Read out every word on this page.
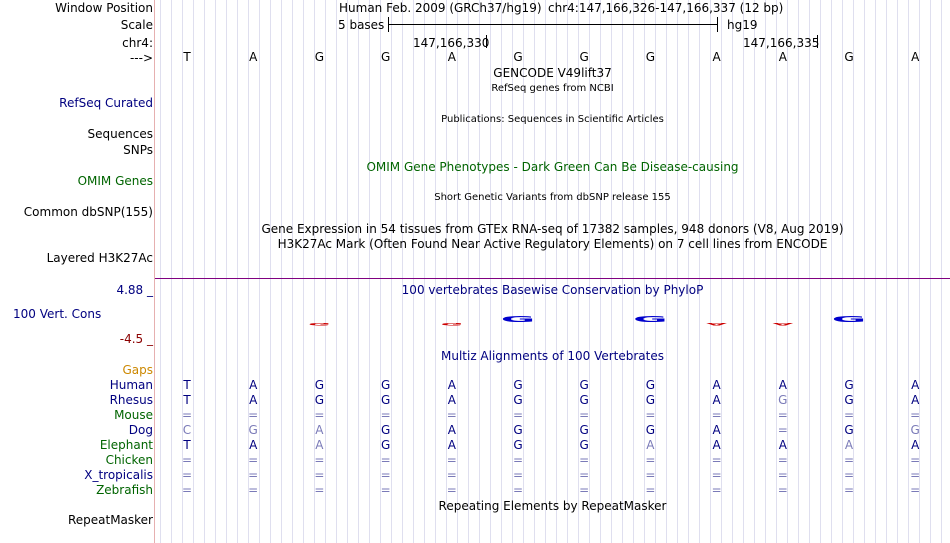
Window Position	Human Feb. 2009 (GRCh37/hg19) chr4:147,166,326-147,166,337 (12 bp)
Scale	5 bases	hg19
chr4:	147,166,330	147,166,335
--->	T	A	G	G	A	G	G	G	A	A	G	A
GENCODE V49lift37
RefSeq genes from NCBI
RefSeq Curated
Publications: Sequences in Scientific Articles
Sequences
SNPs
OMIM Gene Phenotypes - Dark Green Can Be Disease-causing
OMIM Genes
Short Genetic Variants from dbSNP release 155
Common dbSNP(155)
Gene Expression in 54 tissues from GTEx RNA-seq of 17382 samples, 948 donors (V8, Aug 2019)
H3K27Ac Mark (Often Found Near Active Regulatory Elements) on 7 cell lines from ENCODE
Layered H3K27Ac
4.88 _	100 vertebrates Basewise Conservation by PhyloP
100 Vert. Cons
-4.5 _
G	G
G	G
A	A
G
Multiz Alignments of 100 Vertebrates
Gaps
Human	T	A	G	G	A	G	G	G	A	A	G	A
Rhesus	T	A	G	G	A	G	G	G	A	G	G	A
Mouse	=	=	=	=	=	=	=	=	=	=	=	=
Dog	C	G	A	G	A	G	G	G	A	=	G	G
Elephant	T	A	A	G	A	G	G	A	A	A	A	A
Chicken	=	=	=	=	=	=	=	=	=	=	=	=
X_tropicalis	=	=	=	=	=	=	=	=	=	=	=	=
Zebrafish	=	=	=	=	=	=	=	=	=	=	=	=
Repeating Elements by RepeatMasker
RepeatMasker
